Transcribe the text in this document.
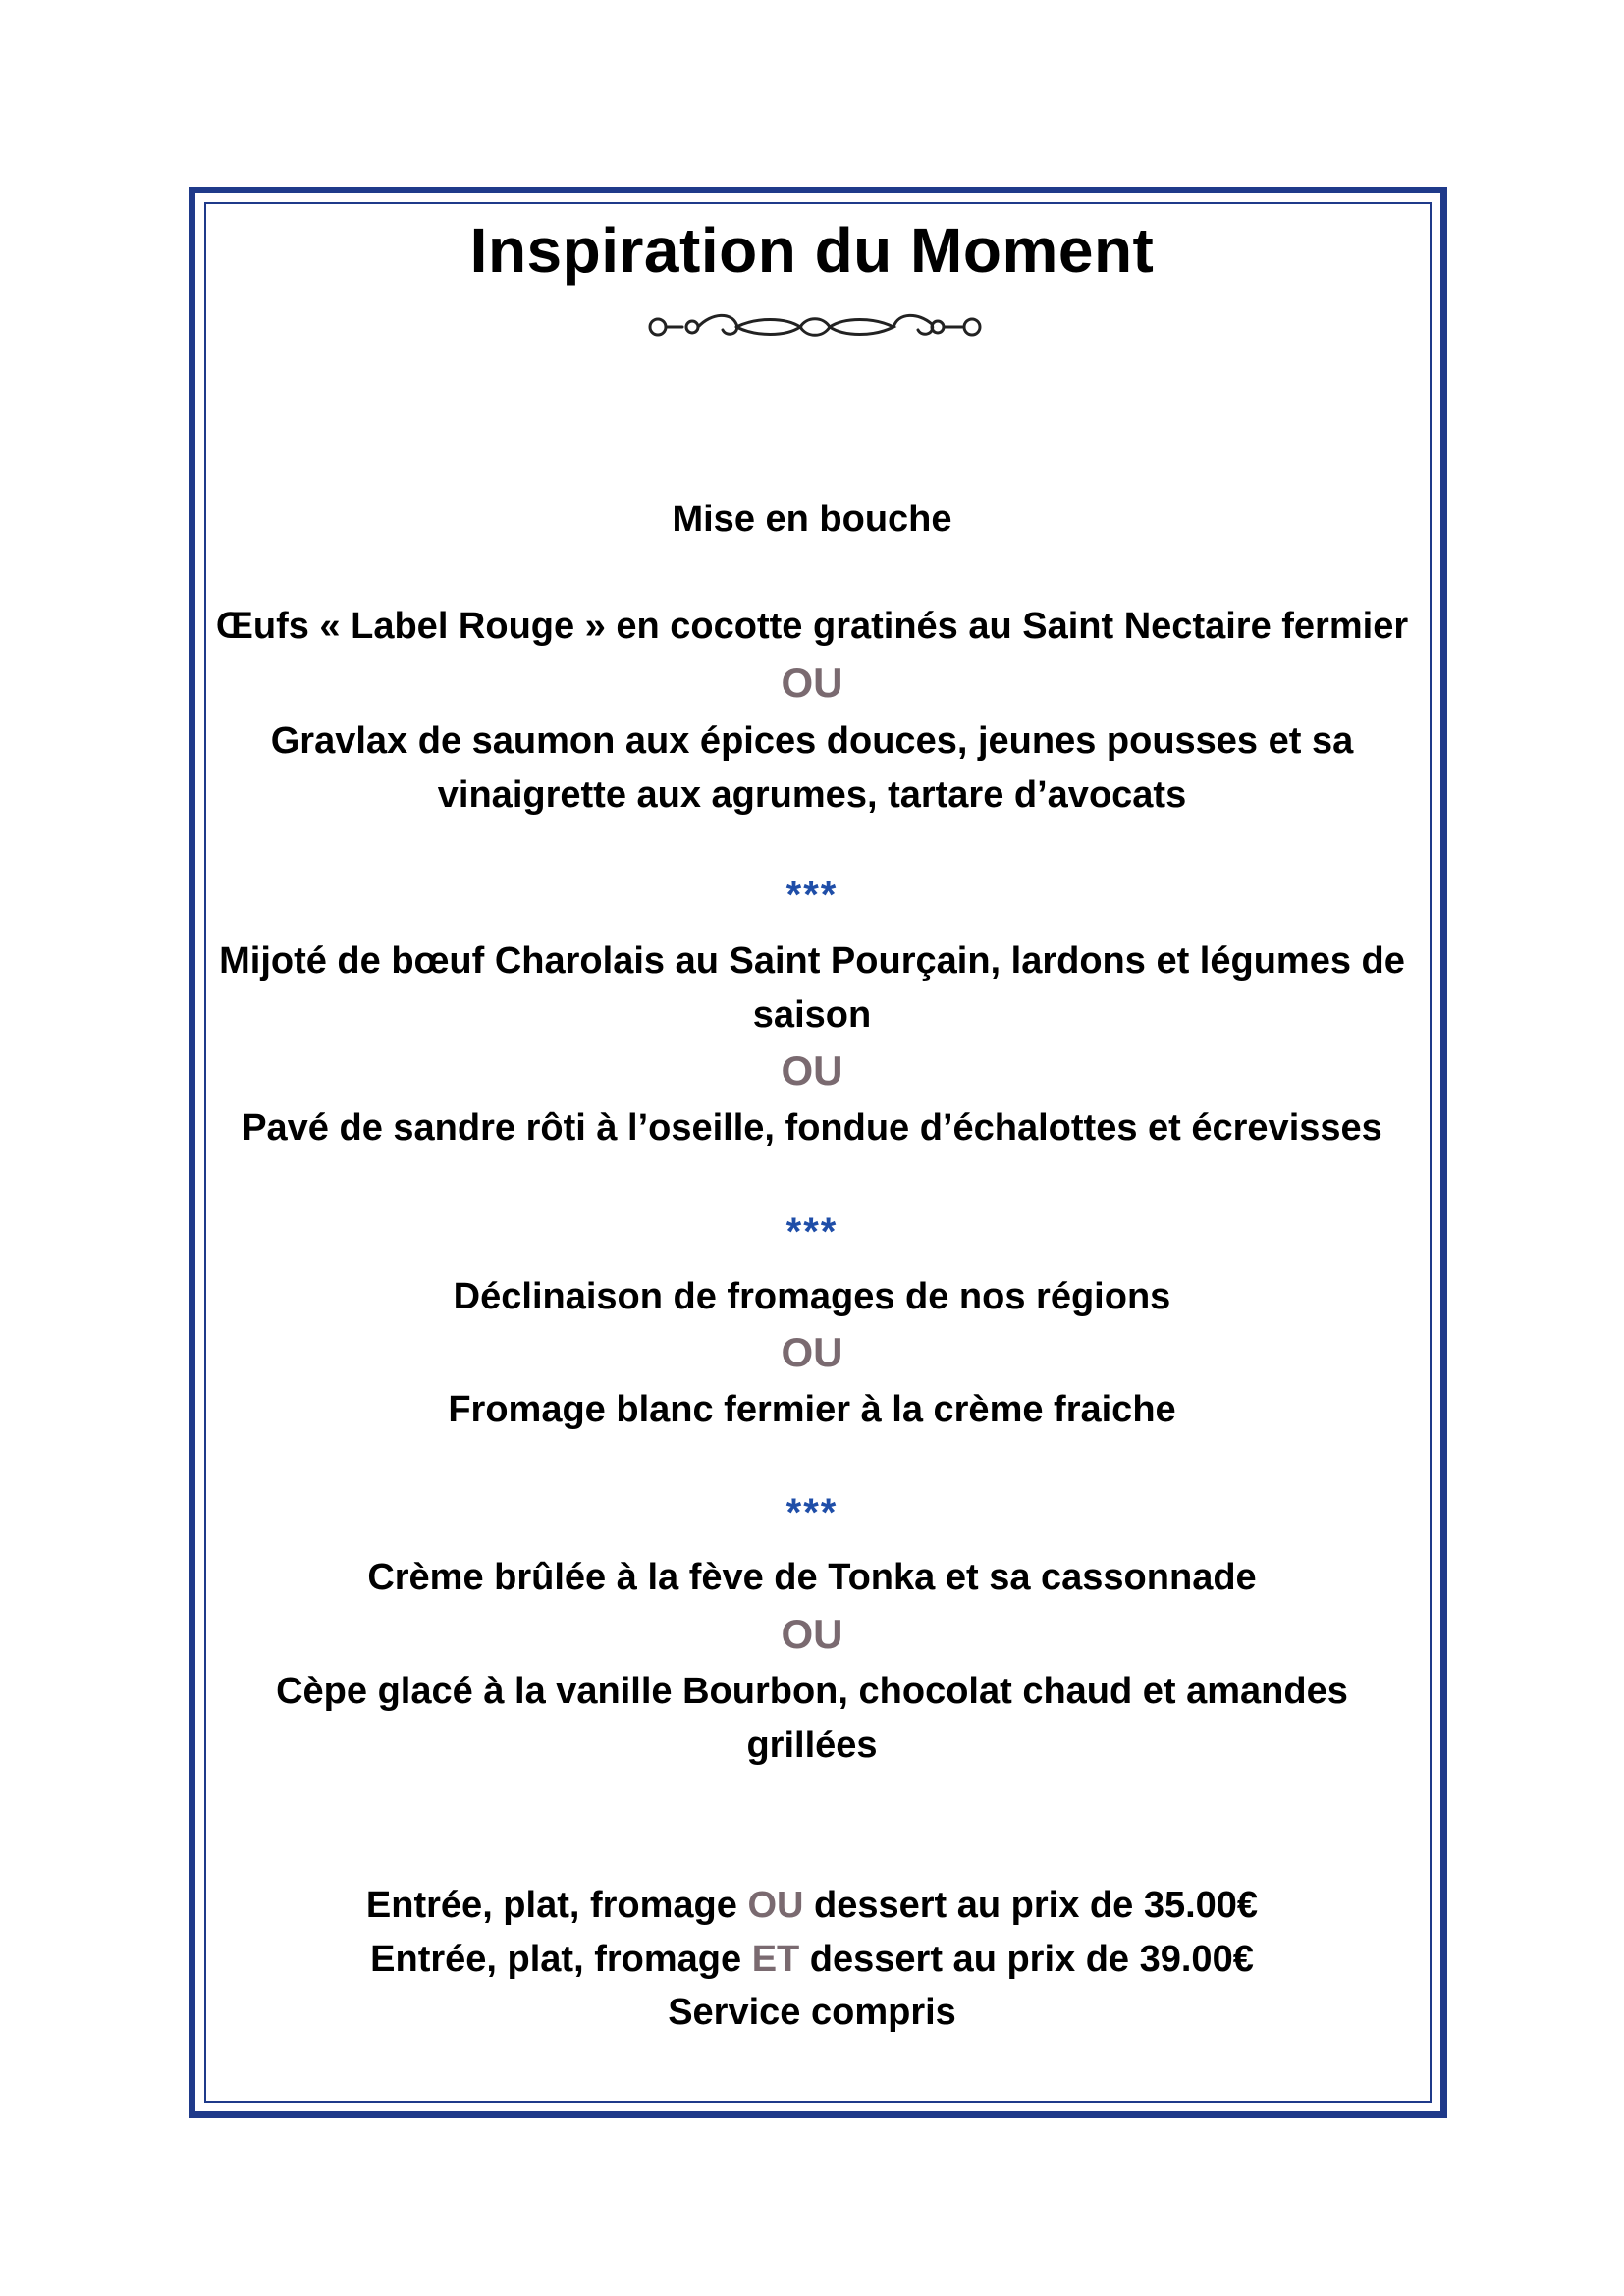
Inspiration du Moment
Mise en bouche
Œufs « Label Rouge » en cocotte gratinés au Saint Nectaire fermier
OU
Gravlax de saumon aux épices douces, jeunes pousses et sa
vinaigrette aux agrumes, tartare d’avocats
***
Mijoté de bœuf Charolais au Saint Pourçain, lardons et légumes de
saison
OU
Pavé de sandre rôti à l’oseille, fondue d’échalottes et écrevisses
***
Déclinaison de fromages de nos régions
OU
Fromage blanc fermier à la crème fraiche
***
Crème brûlée à la fève de Tonka et sa cassonnade
OU
Cèpe glacé à la vanille Bourbon, chocolat chaud et amandes
grillées
Entrée, plat, fromage OU dessert au prix de 35.00€
Entrée, plat, fromage ET dessert au prix de 39.00€
Service compris
